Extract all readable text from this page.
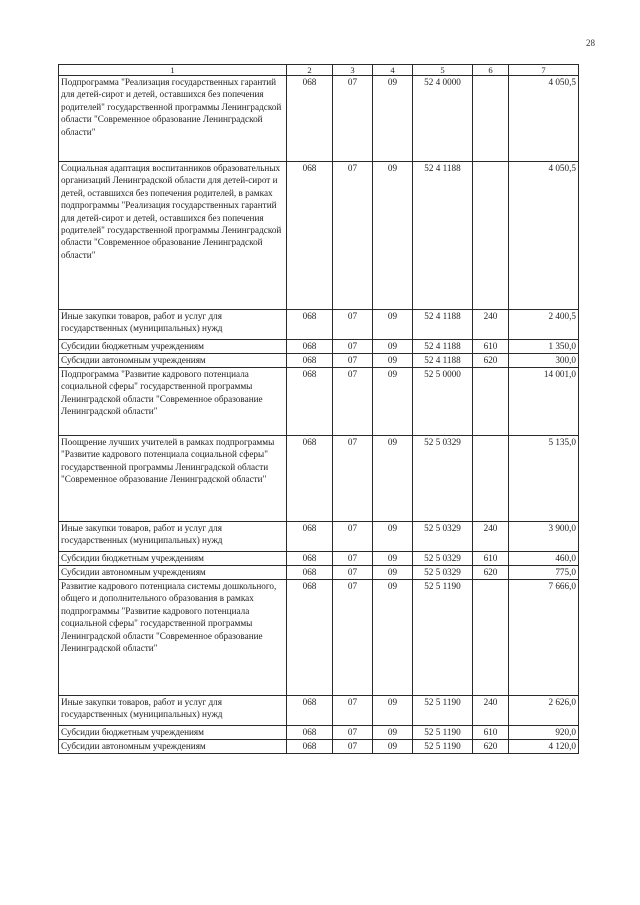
28
1	2	3	4	5	6	7
Подпрограмма "Реализация государственных гарантий для детей-сирот и детей, оставшихся без попечения родителей" государственной программы Ленинградской области "Современное образование Ленинградской области"	068	07	09	52 4 0000		4 050,5
Социальная адаптация воспитанников образовательных организаций Ленинградской области для детей-сирот и детей, оставшихся без попечения родителей, в рамках подпрограммы "Реализация государственных гарантий для детей-сирот и детей, оставшихся без попечения родителей" государственной программы Ленинградской области "Современное образование Ленинградской области"	068	07	09	52 4 1188		4 050,5
Иные закупки товаров, работ и услуг для государственных (муниципальных) нужд	068	07	09	52 4 1188	240	2 400,5
Субсидии бюджетным учреждениям	068	07	09	52 4 1188	610	1 350,0
Субсидии автономным учреждениям	068	07	09	52 4 1188	620	300,0
Подпрограмма "Развитие кадрового потенциала социальной сферы" государственной программы Ленинградской области "Современное образование Ленинградской области"	068	07	09	52 5 0000		14 001,0
Поощрение лучших учителей в рамках подпрограммы "Развитие кадрового потенциала социальной сферы" государственной программы Ленинградской области "Современное образование Ленинградской области"	068	07	09	52 5 0329		5 135,0
Иные закупки товаров, работ и услуг для государственных (муниципальных) нужд	068	07	09	52 5 0329	240	3 900,0
Субсидии бюджетным учреждениям	068	07	09	52 5 0329	610	460,0
Субсидии автономным учреждениям	068	07	09	52 5 0329	620	775,0
Развитие кадрового потенциала системы дошкольного, общего и дополнительного образования в рамках подпрограммы "Развитие кадрового потенциала социальной сферы" государственной программы Ленинградской области "Современное образование Ленинградской области"	068	07	09	52 5 1190		7 666,0
Иные закупки товаров, работ и услуг для государственных (муниципальных) нужд	068	07	09	52 5 1190	240	2 626,0
Субсидии бюджетным учреждениям	068	07	09	52 5 1190	610	920,0
Субсидии автономным учреждениям	068	07	09	52 5 1190	620	4 120,0
